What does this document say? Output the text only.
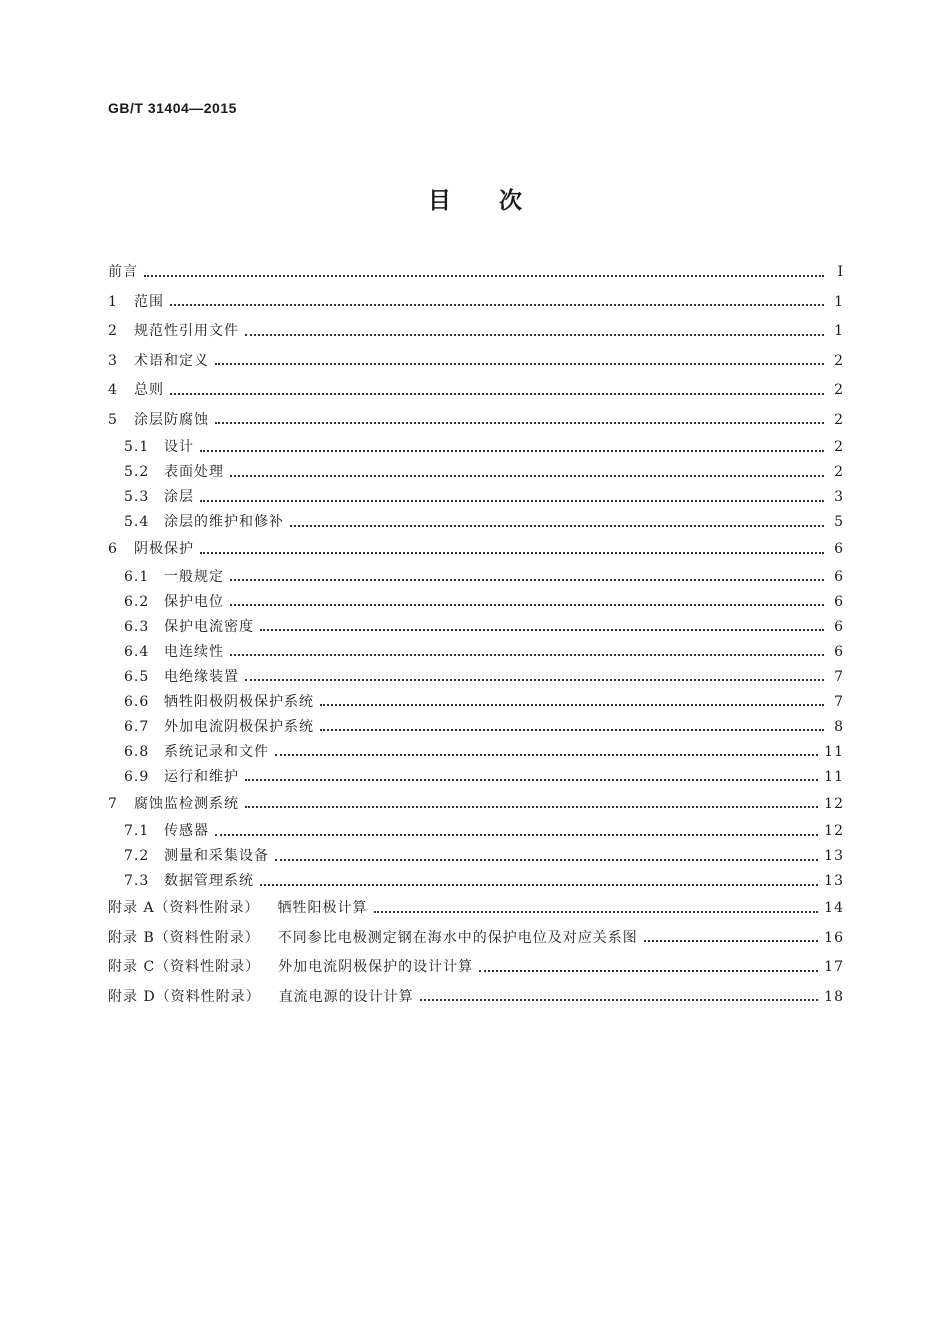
GB/T 31404—2015
目 次
前言	Ⅰ
1	范围	1
2	规范性引用文件	1
3	术语和定义	2
4	总则	2
5	涂层防腐蚀	2
5.1	设计	2
5.2	表面处理	2
5.3	涂层	3
5.4	涂层的维护和修补	5
6	阴极保护	6
6.1	一般规定	6
6.2	保护电位	6
6.3	保护电流密度	6
6.4	电连续性	6
6.5	电绝缘装置	7
6.6	牺牲阳极阴极保护系统	7
6.7	外加电流阴极保护系统	8
6.8	系统记录和文件	11
6.9	运行和维护	11
7	腐蚀监检测系统	12
7.1	传感器	12
7.2	测量和采集设备	13
7.3	数据管理系统	13
附录 A（资料性附录） 牺牲阳极计算	14
附录 B（资料性附录） 不同参比电极测定钢在海水中的保护电位及对应关系图	16
附录 C（资料性附录） 外加电流阴极保护的设计计算	17
附录 D（资料性附录） 直流电源的设计计算	18
